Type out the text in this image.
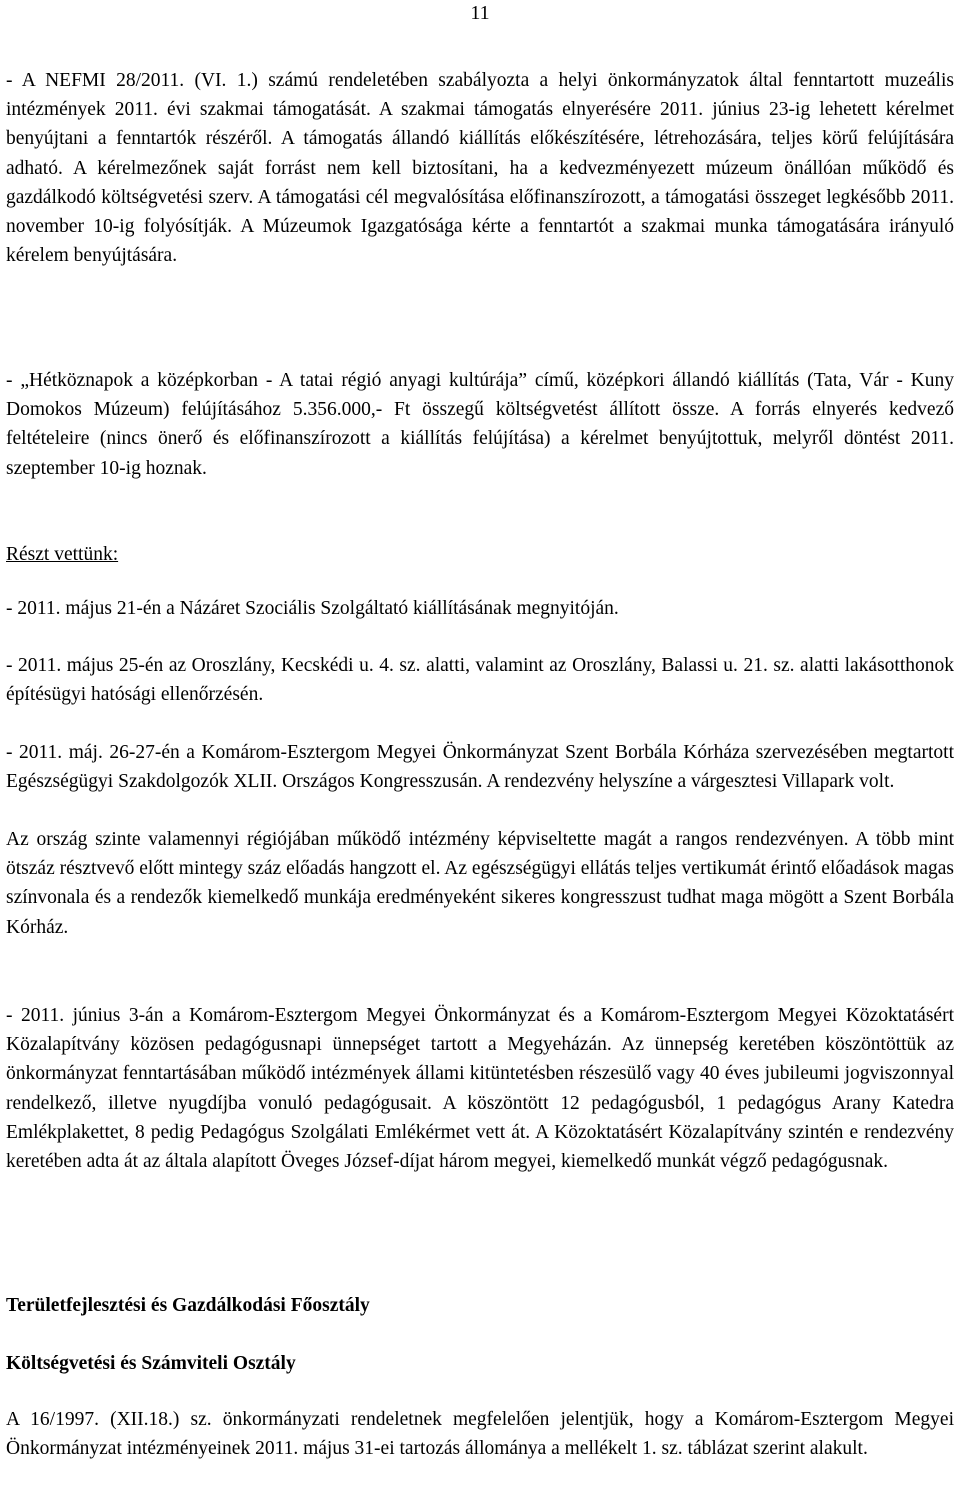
11

- A NEFMI 28/2011. (VI. 1.) számú rendeletében szabályozta a helyi önkormányzatok által fenntartott muzeális intézmények 2011. évi szakmai támogatását. A szakmai támogatás elnyerésére 2011. június 23-ig lehetett kérelmet benyújtani a fenntartók részéről. A támogatás állandó kiállítás előkészítésére, létrehozására, teljes körű felújítására adható. A kérelmezőnek saját forrást nem kell biztosítani, ha a kedvezményezett múzeum önállóan működő és gazdálkodó költségvetési szerv. A támogatási cél megvalósítása előfinanszírozott, a támogatási összeget legkésőbb 2011. november 10-ig folyósítják. A Múzeumok Igazgatósága kérte a fenntartót a szakmai munka támogatására irányuló kérelem benyújtására.

- „Hétköznapok a középkorban - A tatai régió anyagi kultúrája” című, középkori állandó kiállítás (Tata, Vár - Kuny Domokos Múzeum) felújításához 5.356.000,- Ft összegű költségvetést állított össze. A forrás elnyerés kedvező feltételeire (nincs önerő és előfinanszírozott a kiállítás felújítása) a kérelmet benyújtottuk, melyről döntést 2011. szeptember 10-ig hoznak.

Részt vettünk:

- 2011. május 21-én a Názáret Szociális Szolgáltató kiállításának megnyitóján.

- 2011. május 25-én az Oroszlány, Kecskédi u. 4. sz. alatti, valamint az Oroszlány, Balassi u. 21. sz. alatti lakásotthonok építésügyi hatósági ellenőrzésén.

- 2011. máj. 26-27-én a Komárom-Esztergom Megyei Önkormányzat Szent Borbála Kórháza szervezésében megtartott Egészségügyi Szakdolgozók XLII. Országos Kongresszusán. A rendezvény helyszíne a várgesztesi Villapark volt.

Az ország szinte valamennyi régiójában működő intézmény képviseltette magát a rangos rendezvényen. A több mint ötszáz résztvevő előtt mintegy száz előadás hangzott el. Az egészségügyi ellátás teljes vertikumát érintő előadások magas színvonala és a rendezők kiemelkedő munkája eredményeként sikeres kongresszust tudhat maga mögött a Szent Borbála Kórház.

- 2011. június 3-án a Komárom-Esztergom Megyei Önkormányzat és a Komárom-Esztergom Megyei Közoktatásért Közalapítvány közösen pedagógusnapi ünnepséget tartott a Megyeházán. Az ünnepség keretében köszöntöttük az önkormányzat fenntartásában működő intézmények állami kitüntetésben részesülő vagy 40 éves jubileumi jogviszonnyal rendelkező, illetve nyugdíjba vonuló pedagógusait. A köszöntött 12 pedagógusból, 1 pedagógus Arany Katedra Emlékplakettet, 8 pedig Pedagógus Szolgálati Emlékérmet vett át. A Közoktatásért Közalapítvány szintén e rendezvény keretében adta át az általa alapított Öveges József-díjat három megyei, kiemelkedő munkát végző pedagógusnak.

Területfejlesztési és Gazdálkodási Főosztály

Költségvetési és Számviteli Osztály

A 16/1997. (XII.18.) sz. önkormányzati rendeletnek megfelelően jelentjük, hogy a Komárom-Esztergom Megyei Önkormányzat intézményeinek 2011. május 31-ei tartozás állománya a mellékelt 1. sz. táblázat szerint alakult.
